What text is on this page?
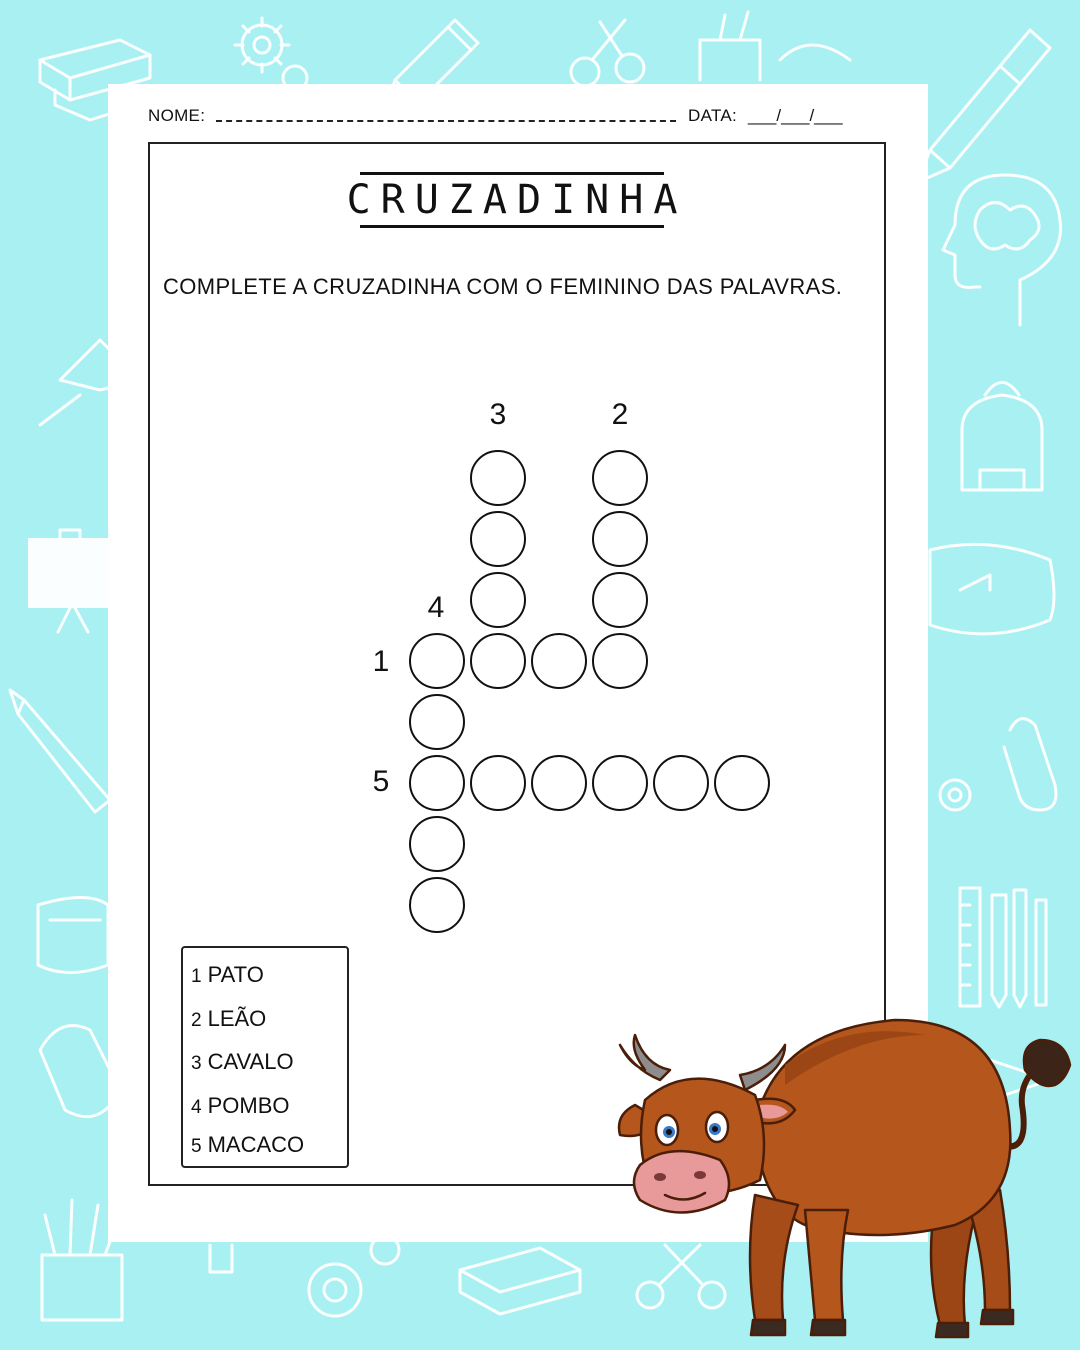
NOME:	DATA: ___/___/___
CRUZADINHA
COMPLETE A CRUZADINHA COM O FEMININO DAS PALAVRAS.
3	2
4
1
5
1 PATO
2 LEÃO
3 CAVALO
4 POMBO
5 MACACO
